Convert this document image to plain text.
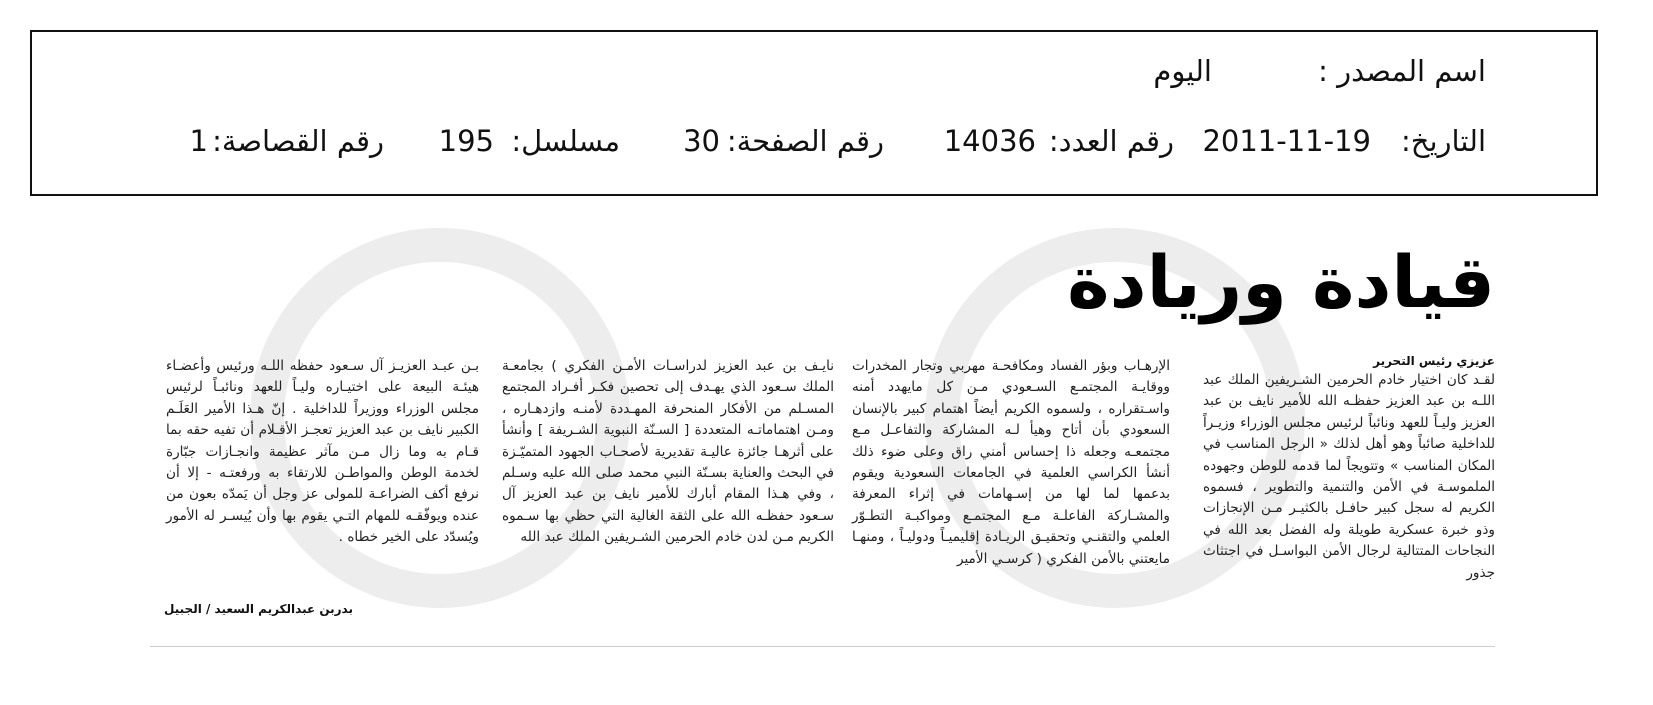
اسم المصدر :
اليوم
التاريخ:
2011-11-19
رقم العدد:
14036
رقم الصفحة:
30
مسلسل:
195
رقم القصاصة:
1
قيادة وريادة
عزيزي رئيس التحرير

لقـد كان اختيار خادم الحرمين الشـريفين الملك عبد اللـه بن عبد العزيز حفظـه الله للأمير نايف بن عبد العزيز وليـاً للعهد ونائباً لرئيس مجلس الوزراء وزيـراً للداخلية صائباً وهو أهل لذلك « الرجل المناسب في المكان المناسب » وتتويجاً لما قدمه للوطن وجهوده الملموسـة في الأمن والتنمية والتطوير ، فسموه الكريم له سجل كبير حافـل بالكثيـر مـن الإنجازات وذو خبرة عسكرية طويلة وله الفضل بعد الله في النجاحات المتتالية لرجال الأمن البواسـل في اجتثاث جذور

الإرهـاب وبؤر الفساد ومكافحـة مهربي وتجار المخدرات ووقايـة المجتمـع السـعودي مـن كل مايهدد أمنه واسـتقراره ، ولسموه الكريم أيضاً اهتمام كبير بالإنسان السعودي بأن أتاح وهيأ لـه المشاركة والتفاعـل مـع مجتمعـه وجعله ذا إحساس أمني راق وعلى ضوء ذلك أنشأ الكراسي العلمية في الجامعات السعودية ويقوم بدعمها لما لها من إسـهامات في إثراء المعرفة والمشـاركة الفاعلـة مـع المجتمـع ومواكبـة التطـوّر العلمي والتقنـي وتحقيـق الريـادة إقليميـاً ودوليـاً ، ومنهـا مايعتني بالأمن الفكري ( كرسـي الأمير

نايـف بن عبد العزيز لدراسـات الأمـن الفكري ) بجامعـة الملك سـعود الذي يهـدف إلى تحصين فكـر أفـراد المجتمع المسـلم من الأفكار المنحرفة المهـددة لأمنـه وازدهـاره ، ومـن اهتماماتـه المتعددة [ السـنّة النبوية الشـريفة ] وأنشأ على أثرهـا جائزة عاليـة تقديرية لأصحـاب الجهود المتميّـزة في البحث والعناية بسـنّة النبي محمد صلى الله عليه وسـلم ، وفي هـذا المقام أبارك للأمير نايف بن عبد العزيز آل سـعود حفظـه الله على الثقة الغالية التي حظي بها سـموه الكريم مـن لدن خادم الحرمين الشـريفين الملك عبد الله

بـن عبـد العزيـز آل سـعود حفظه اللـه ورئيس وأعضـاء هيئـة البيعة على اختيـاره وليـاً للعهد ونائبـاً لرئيس مجلس الوزراء ووزيراً للداخلية . إنّ هـذا الأمير العَلَـم الكبير نايف بن عبد العزيز تعجـز الأقـلام أن تفيه حقه بما قـام به وما زال مـن مآثر عظيمة وانجـازات جبّارة لخدمة الوطن والمواطـن للارتقاء به ورفعتـه - إلا أن نرفع أكف الضراعـة للمولى عز وجل أن يَمدّه بعون من عنده ويوفّقـه للمهام التـي يقوم بها وأن يُيسـر له الأمور ويُسدّد على الخير خطاه .

بدربن عبدالكريم السعيد / الجبيل
